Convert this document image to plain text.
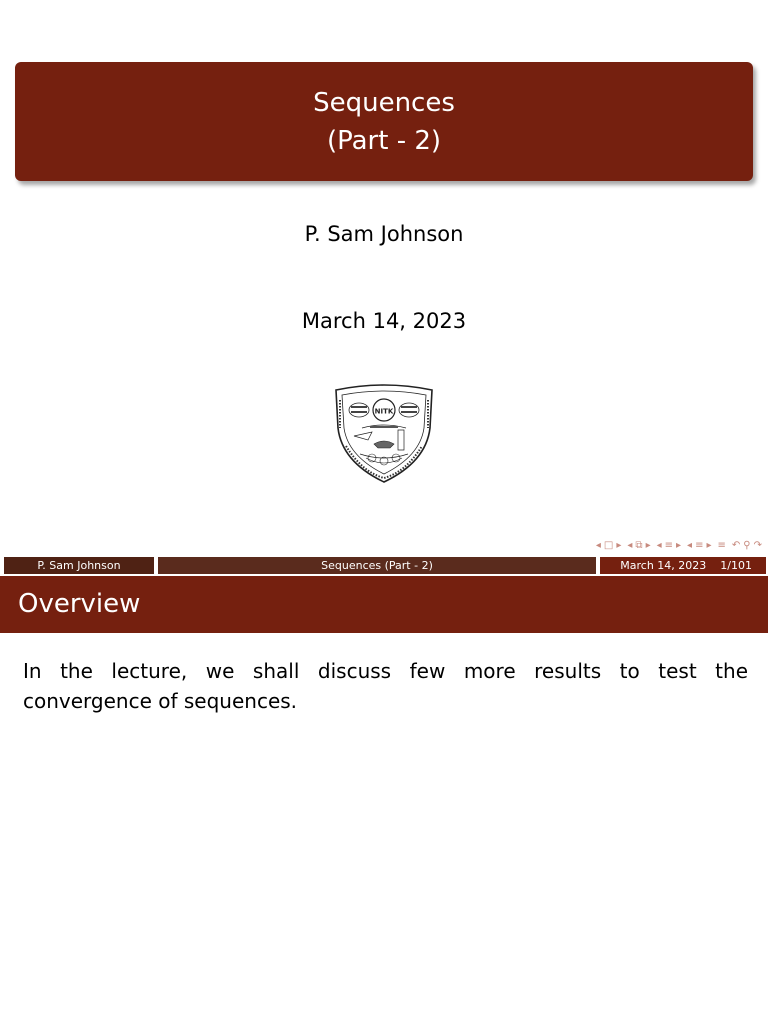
Sequences
(Part - 2)
P. Sam Johnson
March 14, 2023
NITK
◂ □ ▸ ◂ ⧉ ▸ ◂ ≡ ▸ ◂ ≡ ▸ ≡ ↶ ⚲ ↷
P. Sam Johnson	Sequences (Part - 2)	March 14, 2023 1/101
Overview
In the lecture, we shall discuss few more results to test the convergence of sequences.
